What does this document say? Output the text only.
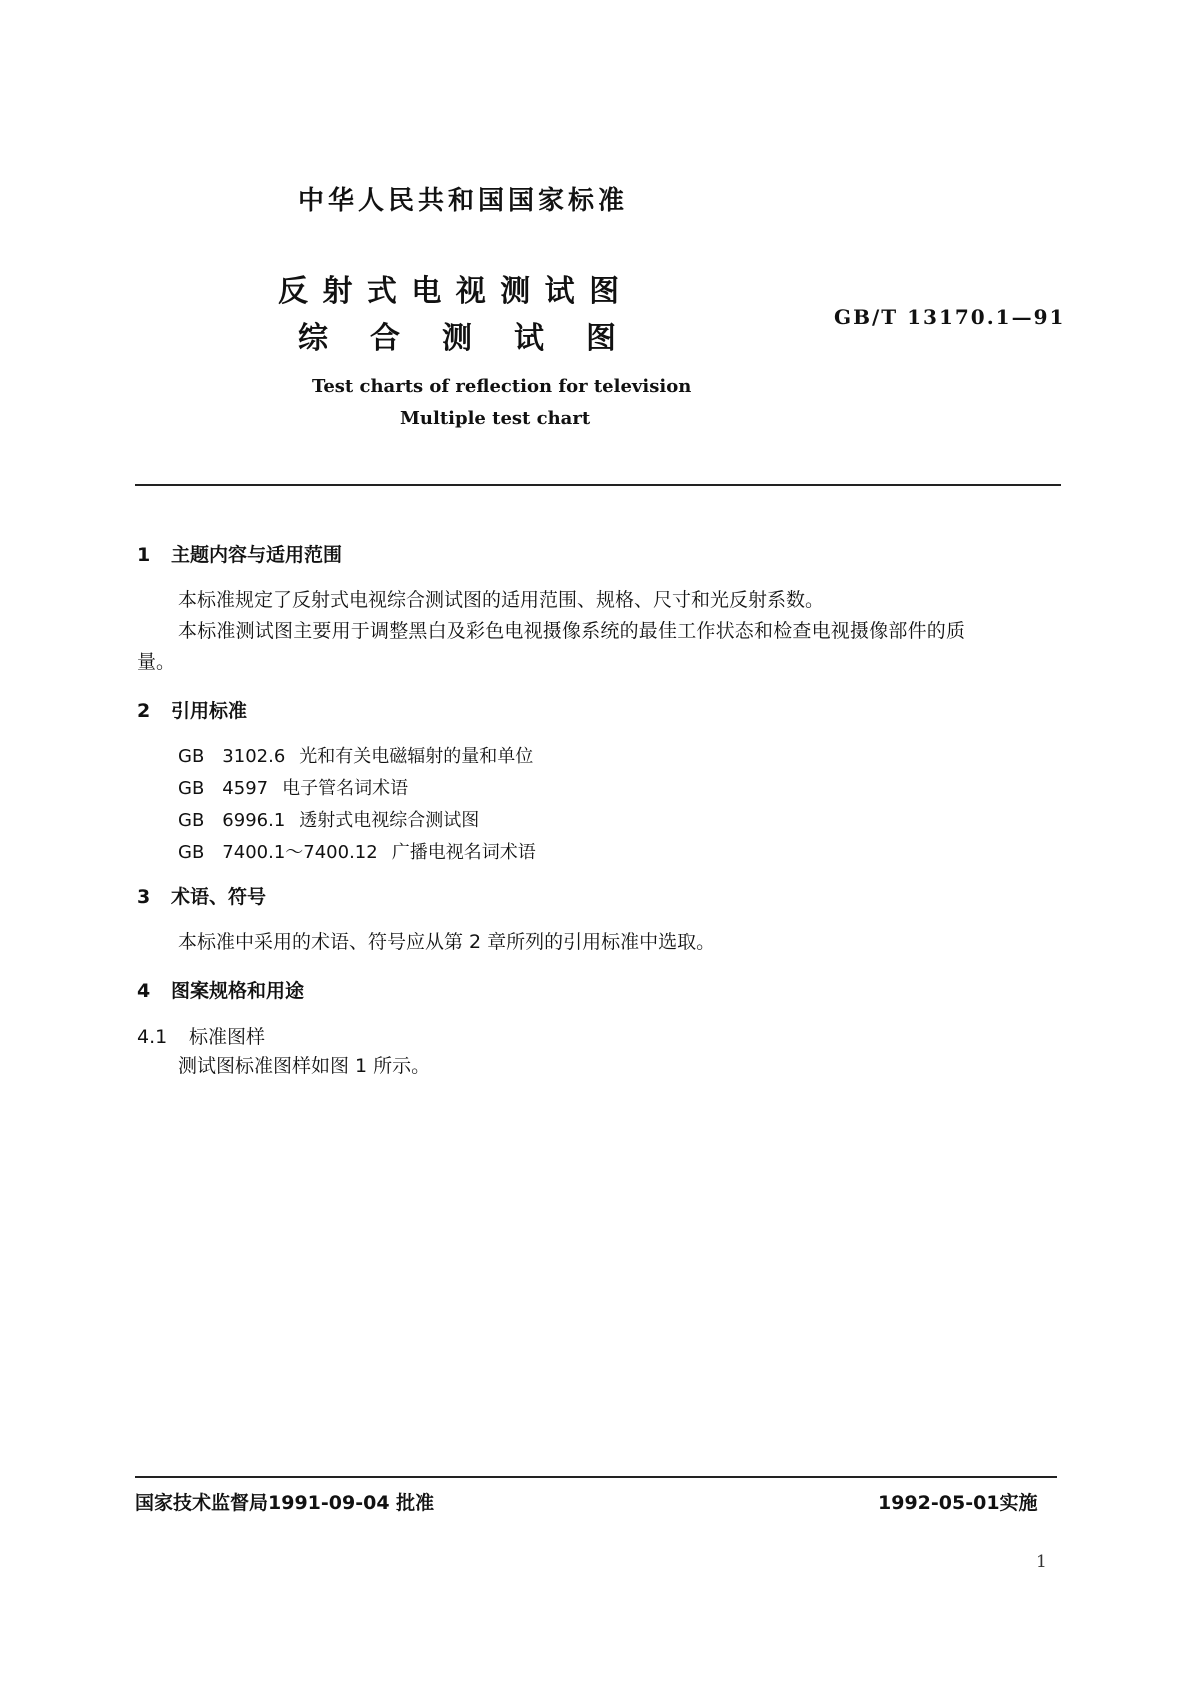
中华人民共和国国家标准
反 射 式 电 视 测 试 图
综　合　测　试　图
GB/T 13170.1—91
Test charts of reflection for television
Multiple test chart
1 主题内容与适用范围
本标准规定了反射式电视综合测试图的适用范围、规格、尺寸和光反射系数。
本标准测试图主要用于调整黑白及彩色电视摄像系统的最佳工作状态和检查电视摄像部件的质
量。
2 引用标准
GB　3102.6 光和有关电磁辐射的量和单位
GB　4597 电子管名词术语
GB　6996.1 透射式电视综合测试图
GB　7400.1～7400.12 广播电视名词术语
3 术语、符号
本标准中采用的术语、符号应从第 2 章所列的引用标准中选取。
4 图案规格和用途
4.1 标准图样
测试图标准图样如图 1 所示。
国家技术监督局1991-09-04 批准	1992-05-01实施
1
